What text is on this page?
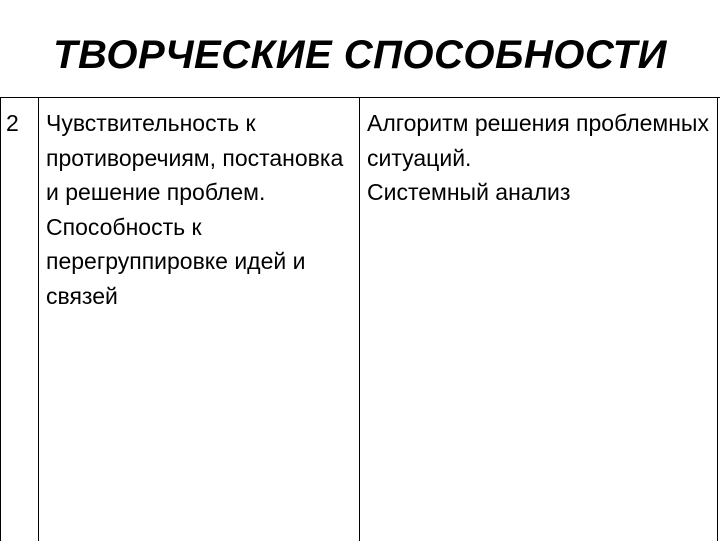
ТВОРЧЕСКИЕ СПОСОБНОСТИ
2	Чувствительность к противоречиям, постановка и решение проблем.

Способность к перегруппировке идей и связей

Алгоритм решения проблемных ситуаций.

Системный анализ
